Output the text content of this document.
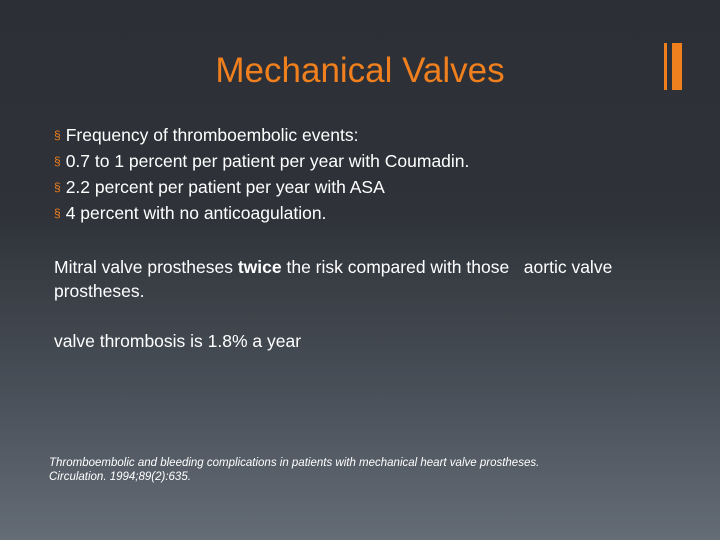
Mechanical Valves
§ Frequency of thromboembolic events:
§ 0.7 to 1 percent per patient per year with Coumadin.
§ 2.2 percent per patient per year with ASA
§ 4 percent with no anticoagulation.

Mitral valve prostheses twice the risk compared with those   aortic valve prostheses.

valve thrombosis is 1.8% a year

Thromboembolic and bleeding complications in patients with mechanical heart valve prostheses.
Circulation. 1994;89(2):635.
